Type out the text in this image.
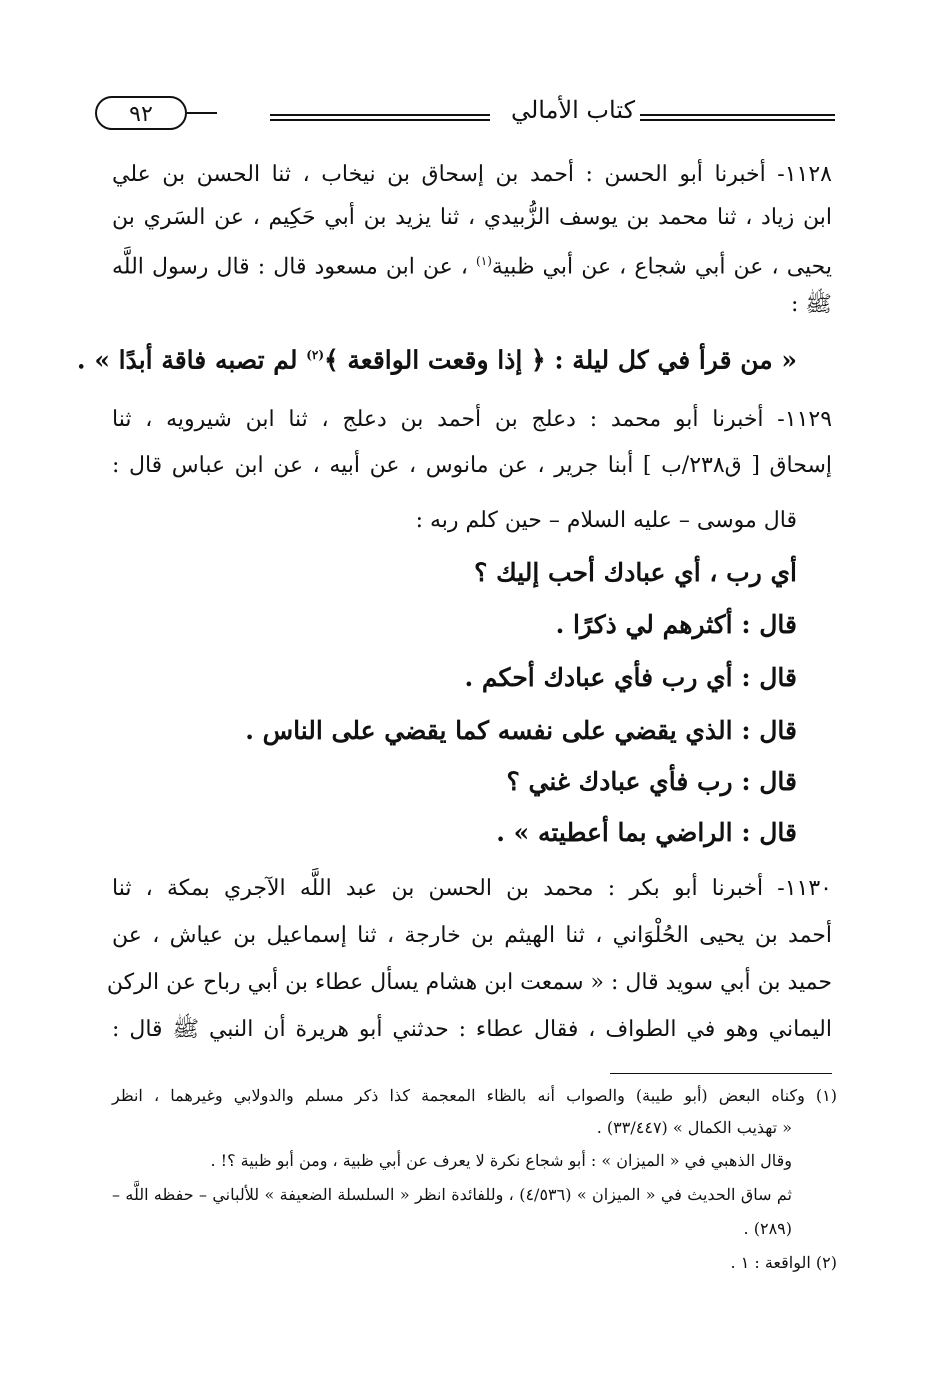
كتاب الأمالي
٩٢
١١٢٨- أخبرنا أبو الحسن : أحمد بن إسحاق بن نيخاب ، ثنا الحسن بن علي
ابن زياد ، ثنا محمد بن يوسف الزُّبيدي ، ثنا يزيد بن أبي حَكِيم ، عن السَري بن
يحيى ، عن أبي شجاع ، عن أبي ظبية$^{(١)}$ ، عن ابن مسعود قال : قال رسول اللَّه
ﷺ :
« من قرأ في كل ليلة : ﴿ إذا وقعت الواقعة ﴾$^{(٢)}$ لم تصبه فاقة أبدًا » .
١١٢٩- أخبرنا أبو محمد : دعلج بن أحمد بن دعلج ، ثنا ابن شيرويه ، ثنا
إسحاق [ ق٢٣٨/ب ] أبنا جرير ، عن مانوس ، عن أبيه ، عن ابن عباس قال :
قال موسى – عليه السلام – حين كلم ربه :
أي رب ، أي عبادك أحب إليك ؟
قال : أكثرهم لي ذكرًا .
قال : أي رب فأي عبادك أحكم .
قال : الذي يقضي على نفسه كما يقضي على الناس .
قال : رب فأي عبادك غني ؟
قال : الراضي بما أعطيته » .
١١٣٠- أخبرنا أبو بكر : محمد بن الحسن بن عبد اللَّه الآجري بمكة ، ثنا
أحمد بن يحيى الحُلْوَاني ، ثنا الهيثم بن خارجة ، ثنا إسماعيل بن عياش ، عن
حميد بن أبي سويد قال : « سمعت ابن هشام يسأل عطاء بن أبي رباح عن الركن
اليماني وهو في الطواف ، فقال عطاء : حدثني أبو هريرة أن النبي ﷺ قال :
(١) وكناه البعض (أبو طيبة) والصواب أنه بالظاء المعجمة كذا ذكر مسلم والدولابي وغيرهما ، انظر
« تهذيب الكمال » (٣٣/٤٤٧) .
وقال الذهبي في « الميزان » : أبو شجاع نكرة لا يعرف عن أبي ظبية ، ومن أبو ظبية ؟! .
ثم ساق الحديث في « الميزان » (٤/٥٣٦) ، وللفائدة انظر « السلسلة الضعيفة » للألباني – حفظه اللَّه –
(٢٨٩) .
(٢) الواقعة : ١ .
